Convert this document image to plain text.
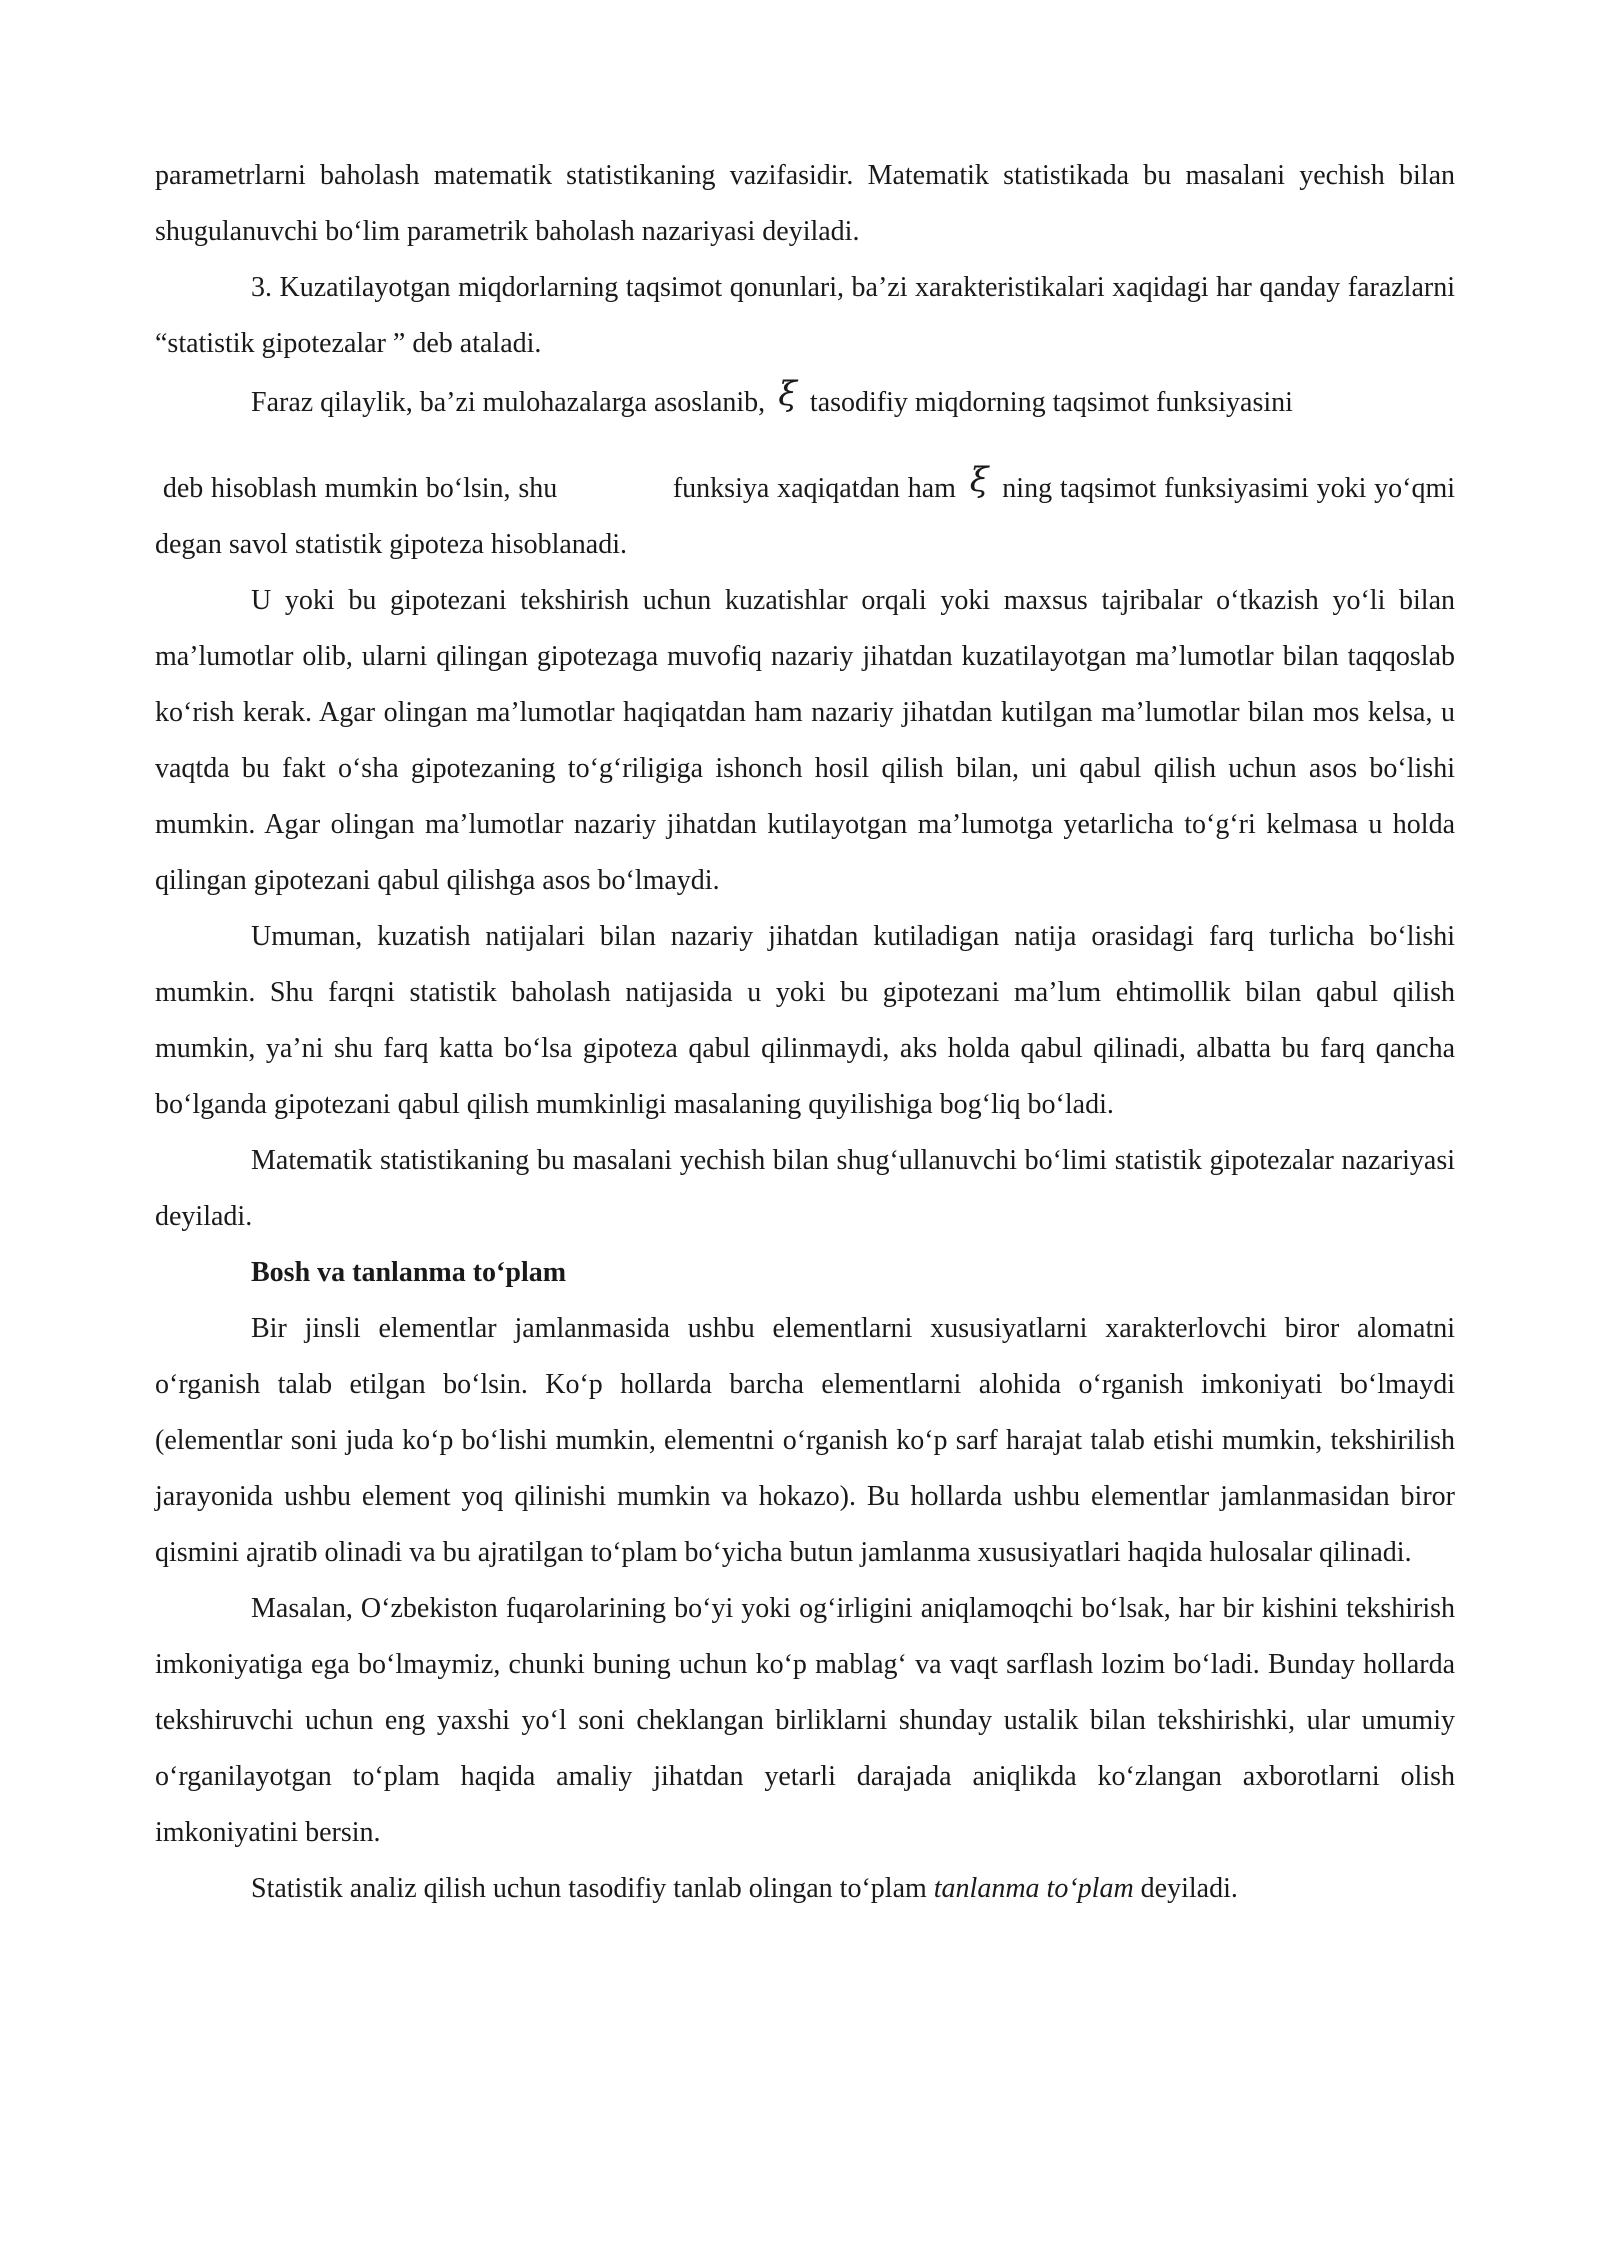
parametrlarni baholash matematik statistikaning vazifasidir. Matematik statistikada bu masalani yechish bilan shugulanuvchi bo‘lim parametrik baholash nazariyasi deyiladi.

3. Kuzatilayotgan miqdorlarning taqsimot qonunlari, ba’zi xarakteristikalari xaqidagi har qanday farazlarni “statistik gipotezalar ” deb ataladi.

Faraz qilaylik, ba’zi mulohazalarga asoslanib, ξ tasodifiy miqdorning taqsimot funksiyasini
deb hisoblash mumkin bo‘lsin, shu	funksiya xaqiqatdan ham ξ ning taqsimot funksiyasimi yoki yo‘qmi degan savol statistik gipoteza hisoblanadi.

U yoki bu gipotezani tekshirish uchun kuzatishlar orqali yoki maxsus tajribalar o‘tkazish yo‘li bilan ma’lumotlar olib, ularni qilingan gipotezaga muvofiq nazariy jihatdan kuzatilayotgan ma’lumotlar bilan taqqoslab ko‘rish kerak. Agar olingan ma’lumotlar haqiqatdan ham nazariy jihatdan kutilgan ma’lumotlar bilan mos kelsa, u vaqtda bu fakt o‘sha gipotezaning to‘g‘riligiga ishonch hosil qilish bilan, uni qabul qilish uchun asos bo‘lishi mumkin. Agar olingan ma’lumotlar nazariy jihatdan kutilayotgan ma’lumotga yetarlicha to‘g‘ri kelmasa u holda qilingan gipotezani qabul qilishga asos bo‘lmaydi.

Umuman, kuzatish natijalari bilan nazariy jihatdan kutiladigan natija orasidagi farq turlicha bo‘lishi mumkin. Shu farqni statistik baholash natijasida u yoki bu gipotezani ma’lum ehtimollik bilan qabul qilish mumkin, ya’ni shu farq katta bo‘lsa gipoteza qabul qilinmaydi, aks holda qabul qilinadi, albatta bu farq qancha bo‘lganda gipotezani qabul qilish mumkinligi masalaning quyilishiga bog‘liq bo‘ladi.

Matematik statistikaning bu masalani yechish bilan shug‘ullanuvchi bo‘limi statistik gipotezalar nazariyasi deyiladi.

Bosh va tanlanma to‘plam

Bir jinsli elementlar jamlanmasida ushbu elementlarni xususiyatlarni xarakterlovchi biror alomatni o‘rganish talab etilgan bo‘lsin. Ko‘p hollarda barcha elementlarni alohida o‘rganish imkoniyati bo‘lmaydi (elementlar soni juda ko‘p bo‘lishi mumkin, elementni o‘rganish ko‘p sarf harajat talab etishi mumkin, tekshirilish jarayonida ushbu element yoq qilinishi mumkin va hokazo). Bu hollarda ushbu elementlar jamlanmasidan biror qismini ajratib olinadi va bu ajratilgan to‘plam bo‘yicha butun jamlanma xususiyatlari haqida hulosalar qilinadi.

Masalan, O‘zbekiston fuqarolarining bo‘yi yoki og‘irligini aniqlamoqchi bo‘lsak, har bir kishini tekshirish imkoniyatiga ega bo‘lmaymiz, chunki buning uchun ko‘p mablag‘ va vaqt sarflash lozim bo‘ladi. Bunday hollarda tekshiruvchi uchun eng yaxshi yo‘l soni cheklangan birliklarni shunday ustalik bilan tekshirishki, ular umumiy o‘rganilayotgan to‘plam haqida amaliy jihatdan yetarli darajada aniqlikda ko‘zlangan axborotlarni olish imkoniyatini bersin.

Statistik analiz qilish uchun tasodifiy tanlab olingan to‘plam tanlanma to‘plam deyiladi.
